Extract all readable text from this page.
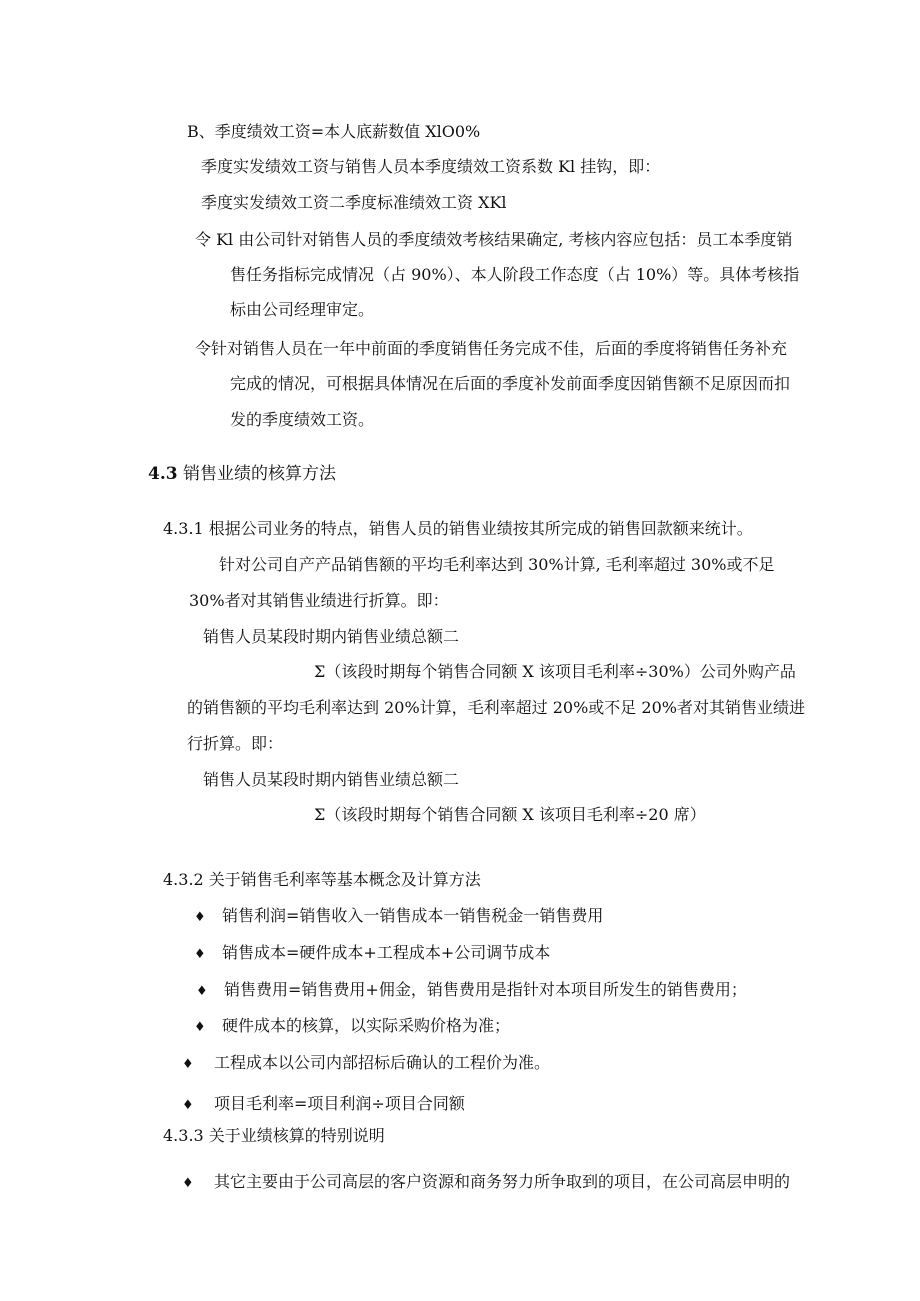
B、季度绩效工资=本人底薪数值 XlO0%
季度实发绩效工资与销售人员本季度绩效工资系数 Kl 挂钩，即：
季度实发绩效工资二季度标准绩效工资 XKl
令 Kl 由公司针对销售人员的季度绩效考核结果确定, 考核内容应包括：员工本季度销
售任务指标完成情况（占 90%）、本人阶段工作态度（占 10%）等。具体考核指
标由公司经理审定。
令针对销售人员在一年中前面的季度销售任务完成不佳，后面的季度将销售任务补充
完成的情况，可根据具体情况在后面的季度补发前面季度因销售额不足原因而扣
发的季度绩效工资。
4.3 销售业绩的核算方法
4.3.1 根据公司业务的特点，销售人员的销售业绩按其所完成的销售回款额来统计。
针对公司自产产品销售额的平均毛利率达到 30%计算, 毛利率超过 30%或不足
30%者对其销售业绩进行折算。即：
销售人员某段时期内销售业绩总额二
Σ（该段时期每个销售合同额 X 该项目毛利率÷30%）公司外购产品
的销售额的平均毛利率达到 20%计算，毛利率超过 20%或不足 20%者对其销售业绩进
行折算。即：
销售人员某段时期内销售业绩总额二
Σ（该段时期每个销售合同额 X 该项目毛利率÷20 席）
4.3.2 关于销售毛利率等基本概念及计算方法
♦ 销售利润=销售收入一销售成本一销售税金一销售费用
♦ 销售成本=硬件成本+工程成本+公司调节成本
♦ 销售费用=销售费用+佣金，销售费用是指针对本项目所发生的销售费用；
♦ 硬件成本的核算，以实际采购价格为准；
♦ 工程成本以公司内部招标后确认的工程价为准。
♦ 项目毛利率=项目利润÷项目合同额
4.3.3 关于业绩核算的特别说明
♦ 其它主要由于公司高层的客户资源和商务努力所争取到的项目，在公司高层申明的
